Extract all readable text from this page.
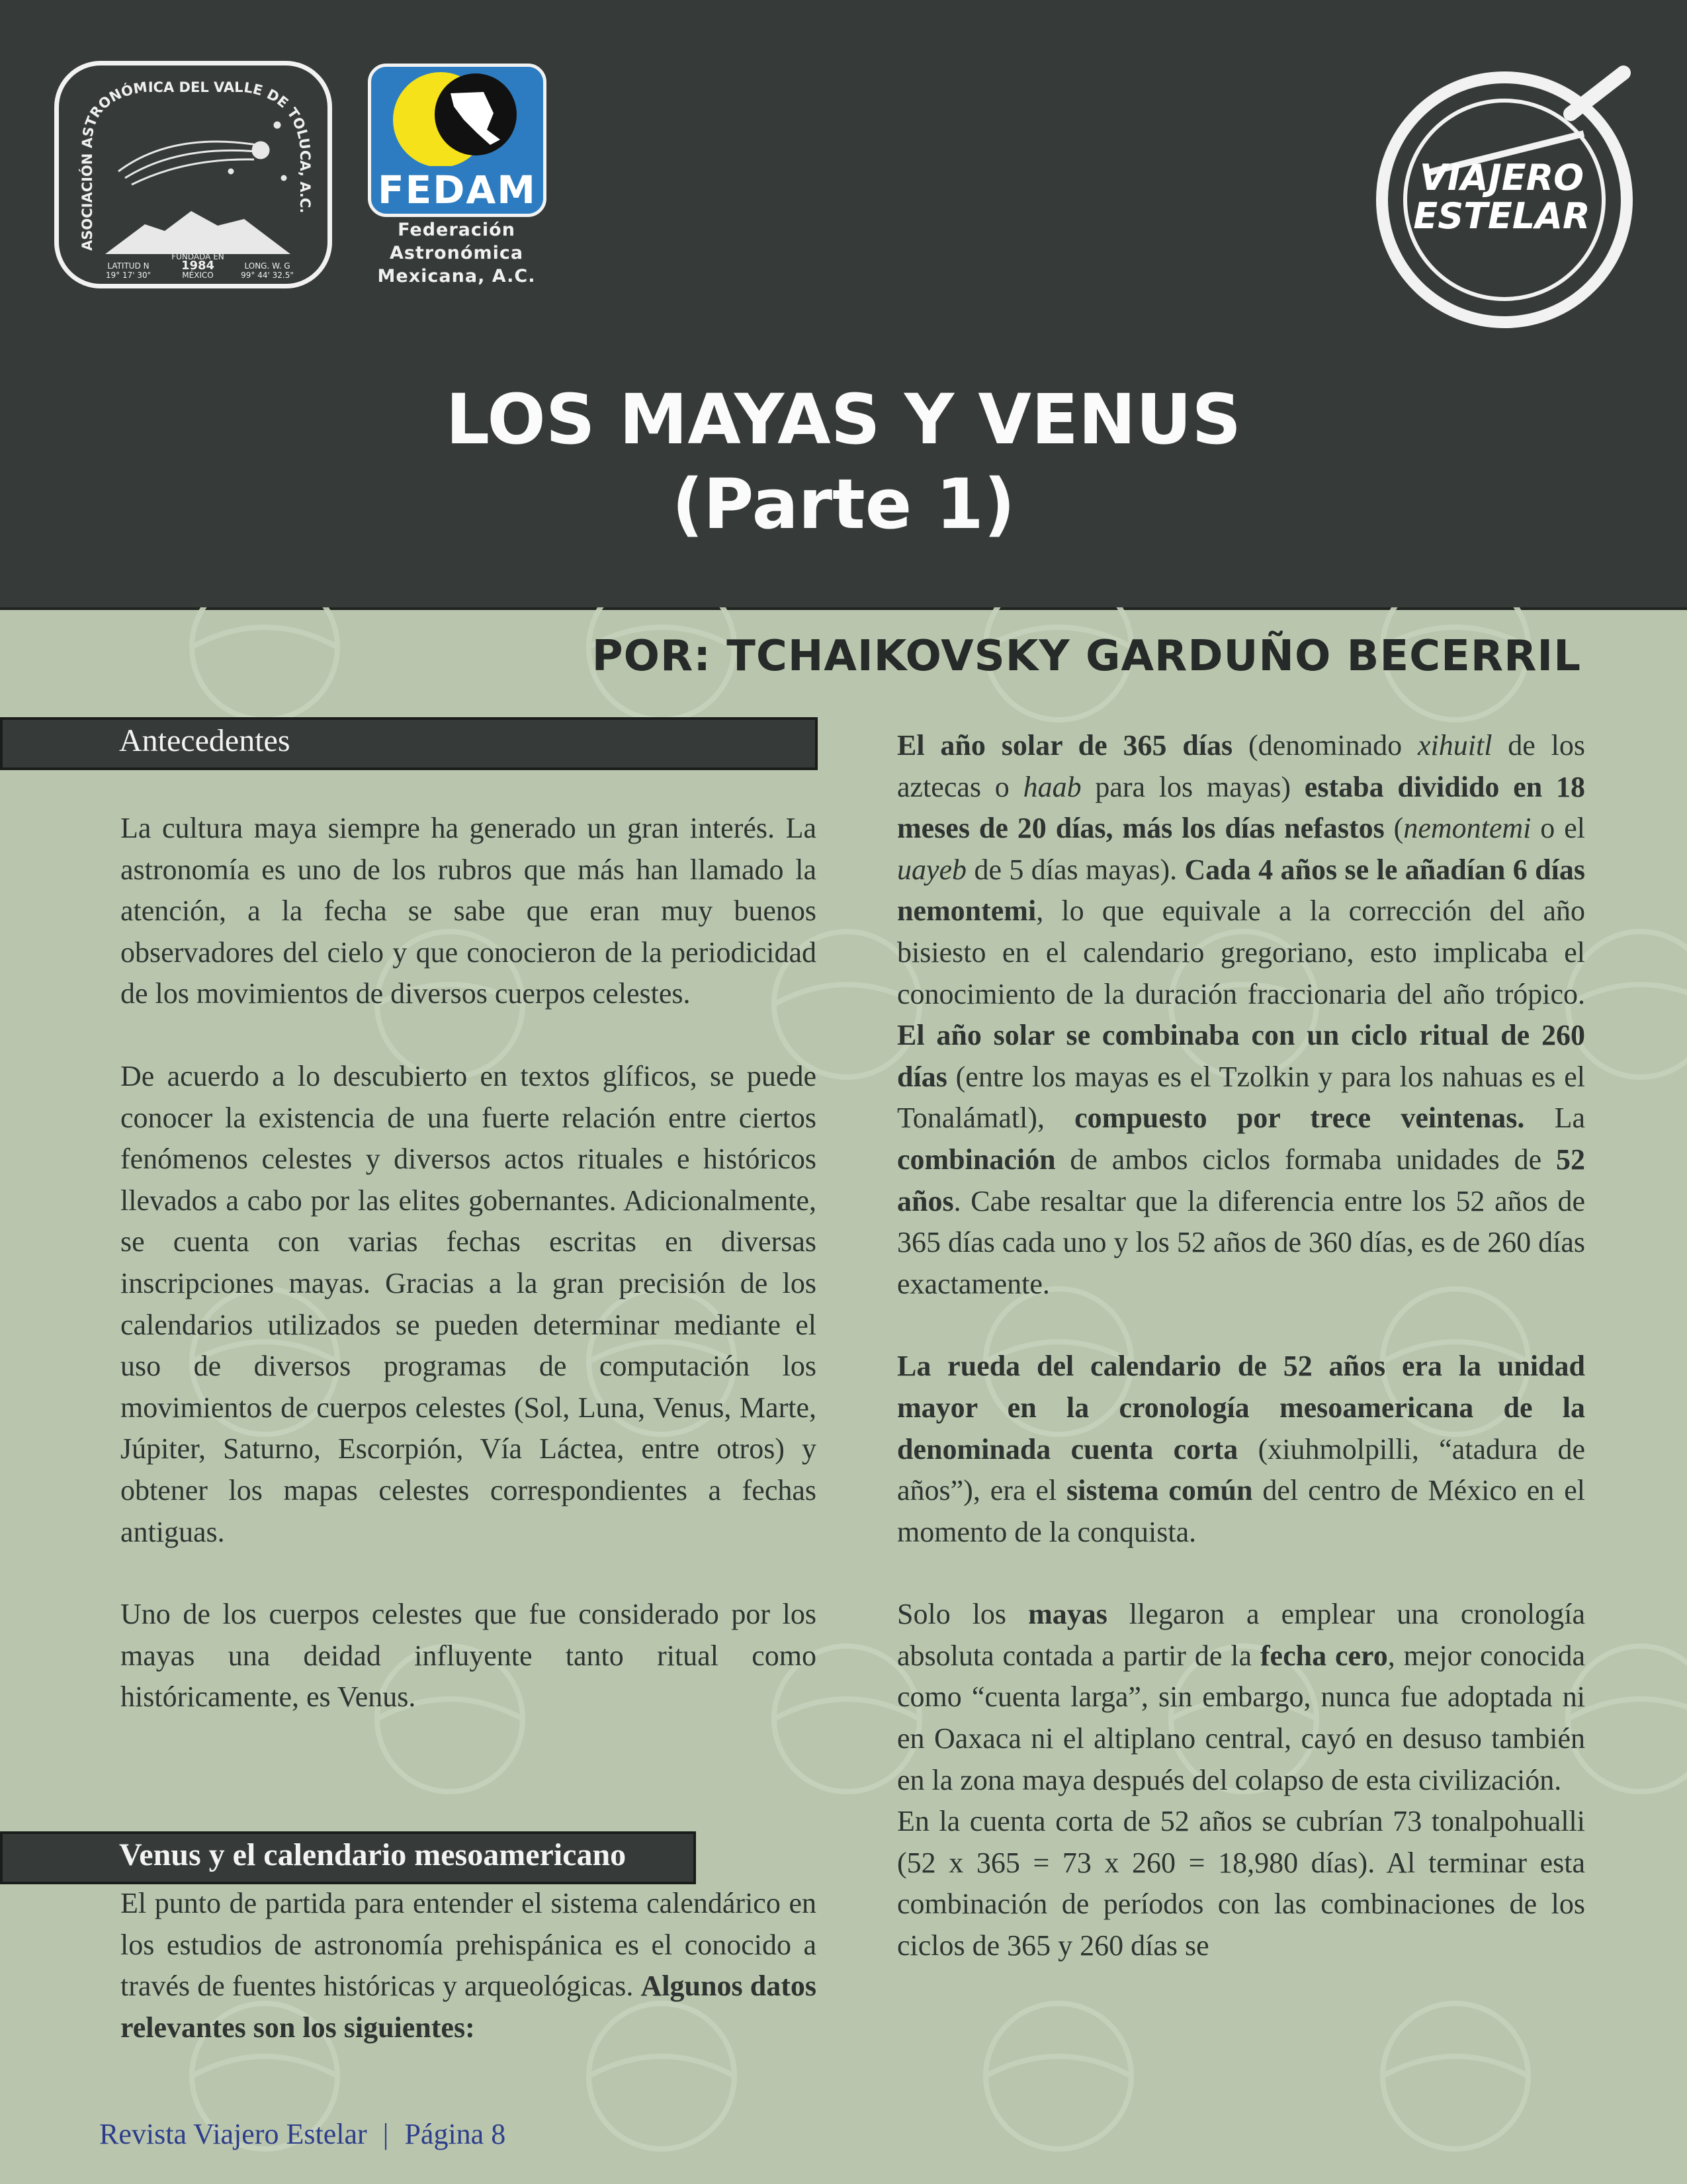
ASOCIACIÓN ASTRONÓMICA DEL VALLE DE TOLUCA, A.C.
LATITUD N
19° 17' 30"
FUNDADA EN
1984
MÉXICO
LONG. W. G
99° 44' 32.5"
FEDAM
Federación
Astronómica
Mexicana, A.C.
VIAJERO
ESTELAR
LOS MAYAS Y VENUS
(Parte 1)
POR: TCHAIKOVSKY GARDUÑO BECERRIL
Antecedentes

La cultura maya siempre ha generado un gran interés. La astronomía es uno de los rubros que más han llamado la atención, a la fecha se sabe que eran muy buenos observadores del cielo y que conocieron de la periodicidad de los movimientos de diversos cuerpos celestes.

De acuerdo a lo descubierto en textos glíficos, se puede conocer la existencia de una fuerte relación entre ciertos fenómenos celestes y diversos actos rituales e históricos llevados a cabo por las elites gobernantes. Adicionalmente, se cuenta con varias fechas escritas en diversas inscripciones mayas. Gracias a la gran precisión de los calendarios utilizados se pueden determinar mediante el uso de diversos programas de computación los movimientos de cuerpos celestes (Sol, Luna, Venus, Marte, Júpiter, Saturno, Escorpión, Vía Láctea, entre otros) y obtener los mapas celestes correspondientes a fechas antiguas.

Uno de los cuerpos celestes que fue considerado por los mayas una deidad influyente tanto ritual como históricamente, es Venus.

Venus y el calendario mesoamericano

El punto de partida para entender el sistema calendárico en los estudios de astronomía prehispánica es el conocido a través de fuentes históricas y arqueológicas. Algunos datos relevantes son los siguientes:

El año solar de 365 días (denominado xihuitl de los aztecas o haab para los mayas) estaba dividido en 18 meses de 20 días, más los días nefastos (nemontemi o el uayeb de 5 días mayas). Cada 4 años se le añadían 6 días nemontemi, lo que equivale a la corrección del año bisiesto en el calendario gregoriano, esto implicaba el conocimiento de la duración fraccionaria del año trópico. El año solar se combinaba con un ciclo ritual de 260 días (entre los mayas es el Tzolkin y para los nahuas es el Tonalámatl), compuesto por trece veintenas. La combinación de ambos ciclos formaba unidades de 52 años. Cabe resaltar que la diferencia entre los 52 años de 365 días cada uno y los 52 años de 360 días, es de 260 días exactamente.

La rueda del calendario de 52 años era la unidad mayor en la cronología mesoamericana de la denominada cuenta corta (xiuhmolpilli, “atadura de años”), era el sistema común del centro de México en el momento de la conquista.

Solo los mayas llegaron a emplear una cronología absoluta contada a partir de la fecha cero, mejor conocida como “cuenta larga”, sin embargo, nunca fue adoptada ni en Oaxaca ni el altiplano central, cayó en desuso también en la zona maya después del colapso de esta civilización.

En la cuenta corta de 52 años se cubrían 73 tonalpohualli (52 x 365 = 73 x 260 = 18,980 días). Al terminar esta combinación de períodos con las combinaciones de los ciclos de 365 y 260 días se

Revista Viajero Estelar | Página 8
